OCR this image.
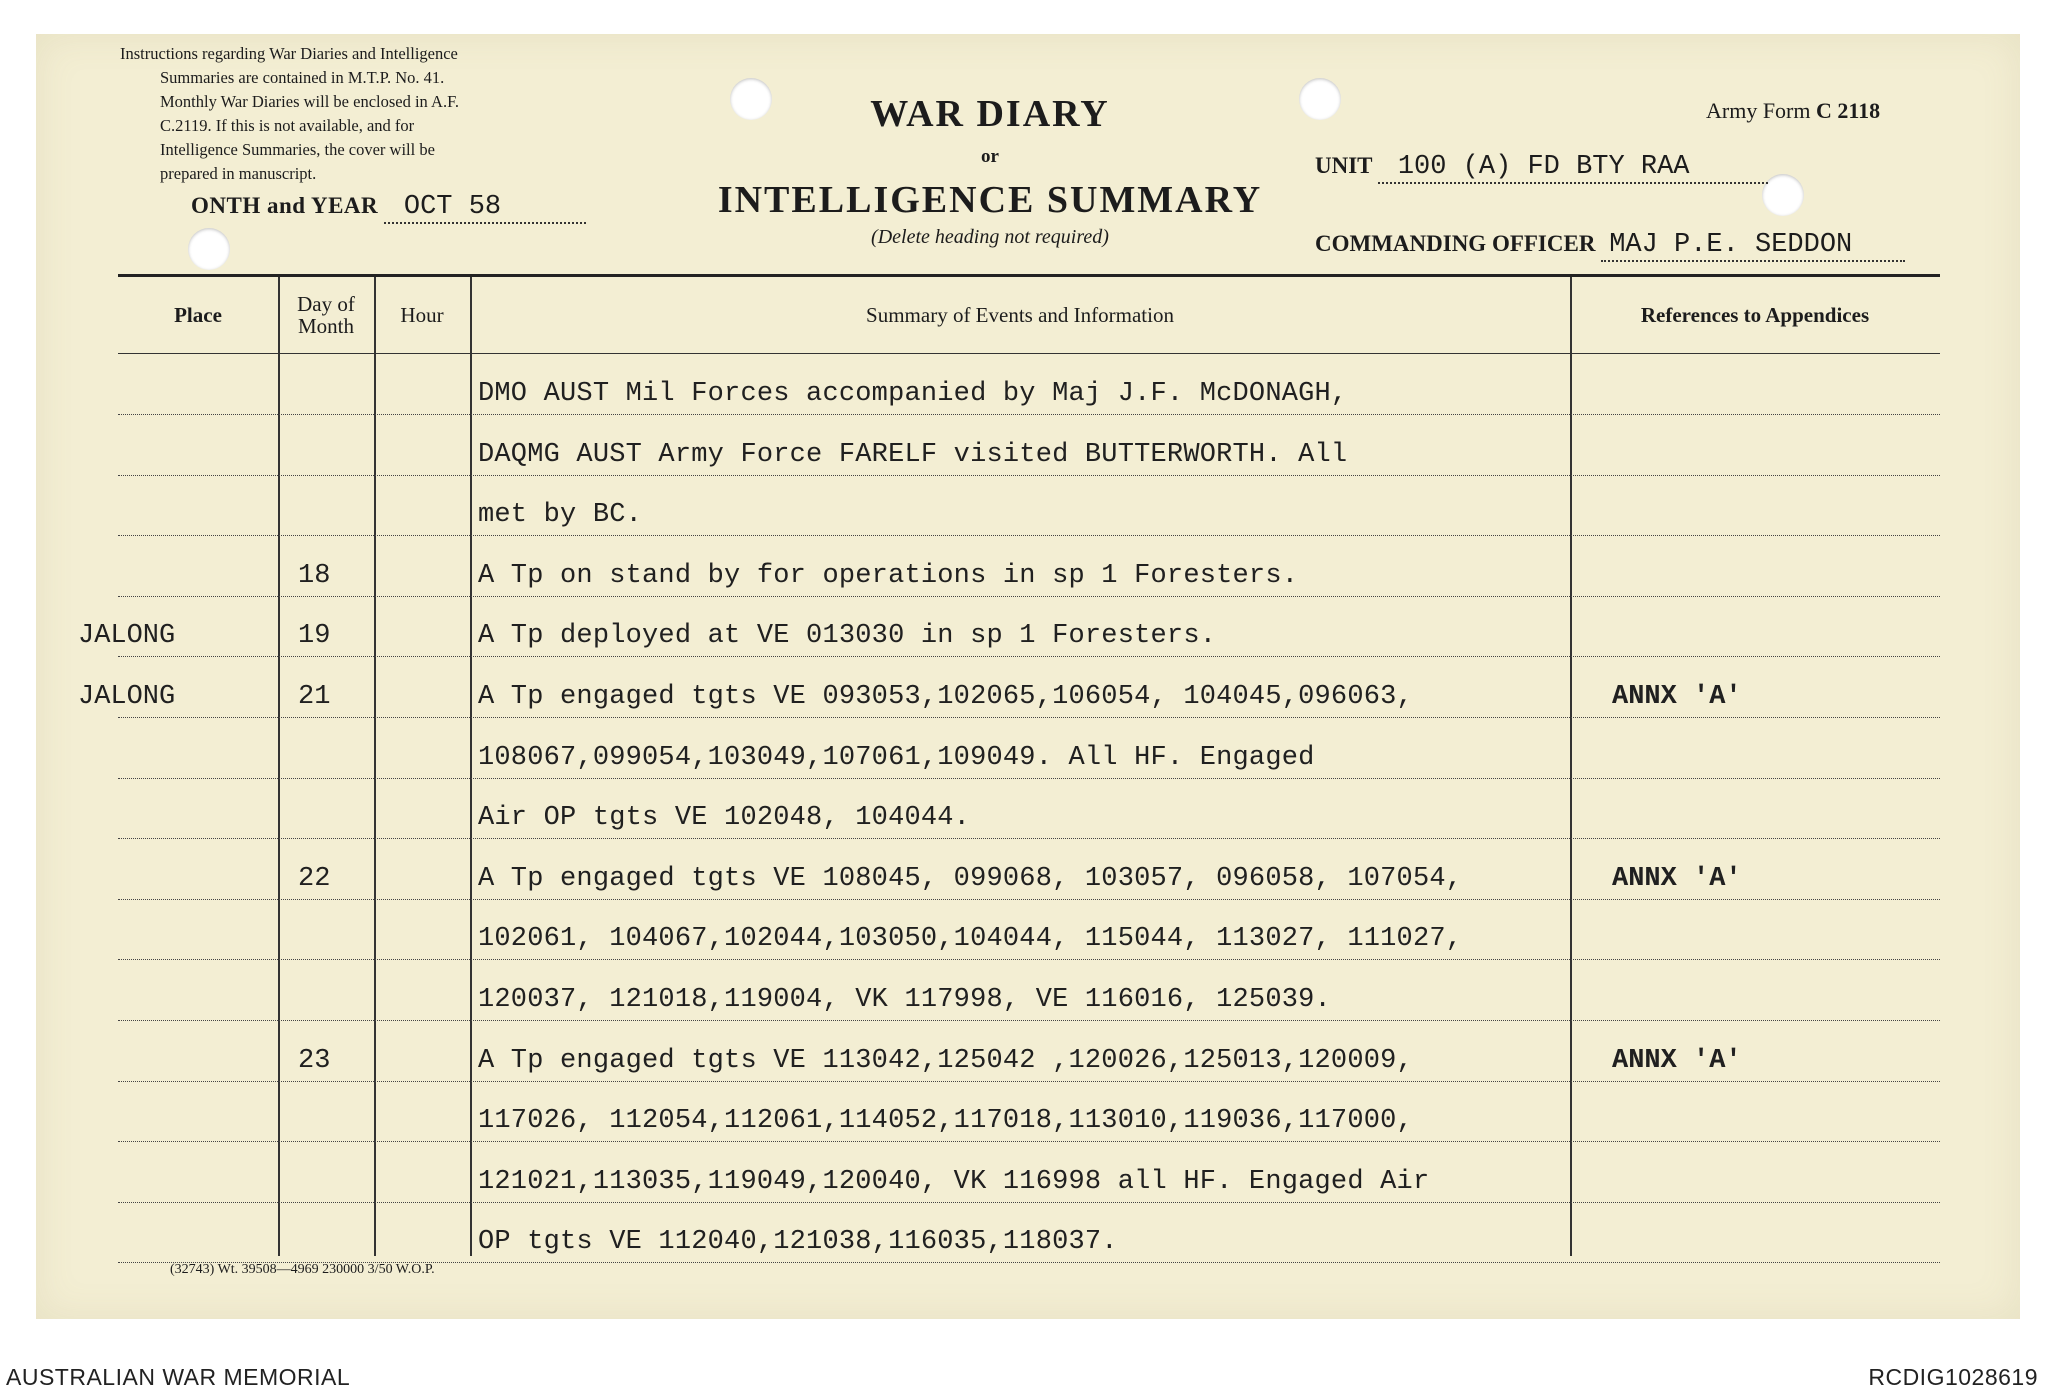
Instructions regarding War Diaries and Intelligence
Summaries are contained in M.T.P. No. 41.
Monthly War Diaries will be enclosed in A.F.
C.2119. If this is not available, and for
Intelligence Summaries, the cover will be
prepared in manuscript.
ONTH and YEAR OCT 58
WAR DIARY
or
INTELLIGENCE SUMMARY
(Delete heading not required)
Army Form C 2118
UNIT 100 (A) FD BTY RAA
COMMANDING OFFICER MAJ P.E. SEDDON
Place	Day of Month	Hour	Summary of Events and Information	References to Appendices
DMO AUST Mil Forces accompanied by Maj J.F. McDONAGH,
DAQMG AUST Army Force FARELF visited BUTTERWORTH. All
met by BC.
18	A Tp on stand by for operations in sp 1 Foresters.
JALONG	19	A Tp deployed at VE 013030 in sp 1 Foresters.
JALONG	21	A Tp engaged tgts VE 093053,102065,106054, 104045,096063,	ANNX 'A'
108067,099054,103049,107061,109049. All HF. Engaged
Air OP tgts VE 102048, 104044.
22	A Tp engaged tgts VE 108045, 099068, 103057, 096058, 107054,	ANNX 'A'
102061, 104067,102044,103050,104044, 115044, 113027, 111027,
120037, 121018,119004, VK 117998, VE 116016, 125039.
23	A Tp engaged tgts VE 113042,125042 ,120026,125013,120009,	ANNX 'A'
117026, 112054,112061,114052,117018,113010,119036,117000,
121021,113035,119049,120040, VK 116998 all HF. Engaged Air
OP tgts VE 112040,121038,116035,118037.
(32743) Wt. 39508—4969 230000 3/50 W.O.P.
AUSTRALIAN WAR MEMORIAL	RCDIG1028619
